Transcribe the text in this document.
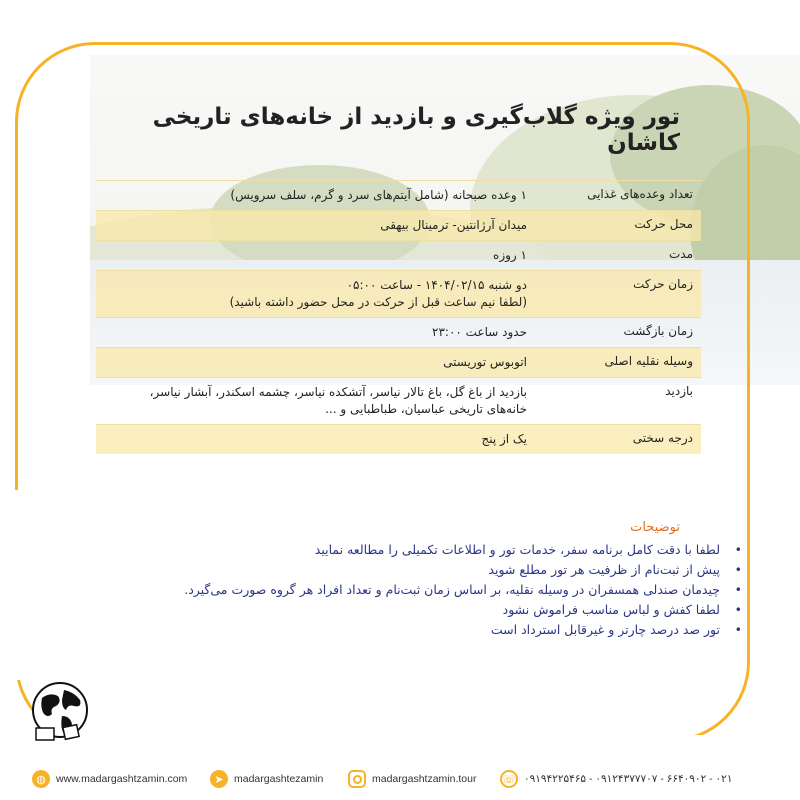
تور ویژه گلاب‌گیری و بازدید از خانه‌های تاریخی کاشان
تعداد وعده‌های غذایی	۱ وعده صبحانه (شامل آیتم‌های سرد و گرم، سلف سرویس)
محل حرکت	میدان آرژانتین- ترمینال بیهقی
مدت	۱ روزه
زمان حرکت	دو شنبه ۱۴۰۴/۰۲/۱۵ - ساعت ۰۵:۰۰
(لطفا نیم ساعت قبل از حرکت در محل حضور داشته باشید)
زمان بازگشت	حدود ساعت ۲۳:۰۰
وسیله نقلیه اصلی	اتوبوس توریستی
بازدید	بازدید از باغ گل، باغ تالار نیاسر، آتشکده نیاسر، چشمه اسکندر، آبشار نیاسر،
خانه‌های تاریخی عباسیان، طباطبایی و ...
درجه سختی	یک از پنج
توضیحات
•
لطفا با دقت کامل برنامه سفر، خدمات تور و اطلاعات تکمیلی را مطالعه نمایید
•
پیش از ثبت‌نام از ظرفیت هر تور مطلع شوید
•
چیدمان صندلی همسفران در وسیله نقلیه، بر اساس زمان ثبت‌نام و تعداد افراد هر گروه صورت می‌گیرد.
•
لطفا کفش و لباس مناسب فراموش نشود
•
تور صد درصد چارتر و غیرقابل استرداد است
◍ www.madargashtzamin.com	➤ madargashtezamin	madargashtzamin.tour ☏ ۰۹۱۹۴۲۲۵۴۶۵ - ۰۹۱۲۴۳۷۷۷۰۷ - ۶۶۴۰۹۰۲ - ۰۲۱
